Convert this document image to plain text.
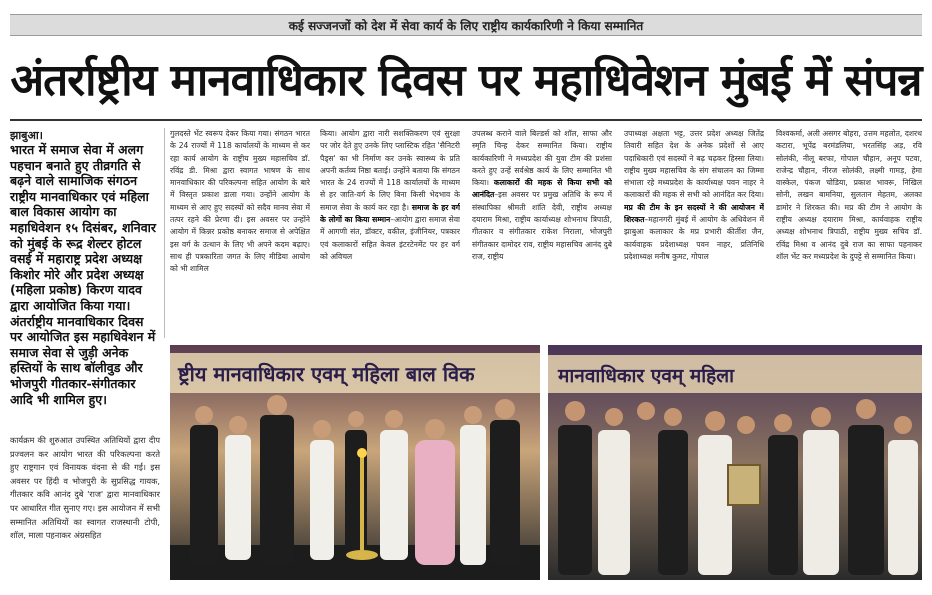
कई सज्जनजों को देश में सेवा कार्य के लिए राष्ट्रीय कार्यकारिणी ने किया सम्मानित
अंतर्राष्ट्रीय मानवाधिकार दिवस पर महाधिवेशन मुंबई में संपन्न
झाबुआ।
भारत में समाज सेवा में अलग पहचान बनाते हुए तीव्रगति से बढ़ने वाले सामाजिक संगठन राष्ट्रीय मानवाधिकार एवं महिला बाल विकास आयोग का महाधिवेशन १५ दिसंबर, शनिवार को मुंबई के रूद्र शेल्टर होटल वसई में महाराष्ट्र प्रदेश अध्यक्ष किशोर मोरे और प्रदेश अध्यक्ष (महिला प्रकोष्ठ) किरण यादव द्वारा आयोजित किया गया। अंतर्राष्ट्रीय मानवाधिकार दिवस पर आयोजित इस महाधिवेशन में समाज सेवा से जुड़ी अनेक हस्तियों के साथ बॉलीवुड और भोजपुरी गीतकार-संगीतकार आदि भी शामिल हुए।
गुलदस्ते भेंट स्वरूप देकर किया गया। संगठन भारत के 24 राज्यों में 118 कार्यालयों के माध्यम से कर रहा कार्य आयोग के राष्ट्रीय मुख्य महासचिव डॉ. रविंद्र डी. मिश्रा द्वारा स्वागत भाषण के साथ मानवाधिकार की परिकल्पना सहित आयोग के बारे में विस्तृत प्रकाश डाला गया। उन्होंने आयोग के माध्यम से आए हुए सदस्यों को सदैव मानव सेवा में तत्पर रहने की प्रेरणा दी। इस अवसर पर उन्होंने आयोग में किन्नर प्रकोष्ठ बनाकर समाज से अपेक्षित इस वर्ग के उत्थान के लिए भी अपने कदम बढ़ाए। साथ ही पत्रकारिता जगत के लिए मीडिया आयोग को भी शामिल
किया। आयोग द्वारा नारी सशक्तिकरण एवं सुरक्षा पर जोर देते हुए उनके लिए प्लास्टिक रहित 'सैनिटरी पैड्स' का भी निर्माण कर उनके स्वास्थ्य के प्रति अपनी कर्तव्य निष्ठा बताई। उन्होंने बताया कि संगठन भारत के 24 राज्यों में 118 कार्यालयों के माध्यम से हर जाति-वर्ग के लिए बिना किसी भेदभाव के समाज सेवा के कार्य कर रहा है। समाज के हर वर्ग के लोगों का किया सम्मान–आयोग द्वारा समाज सेवा में आगणी संत, डॉक्टर, वकील, इंजीनियर, पत्रकार एवं कलाकारों सहित केवल इंटरटेनमेंट पर हर वर्ग को अविचल
उपलब्ध कराने वाले बिल्डर्स को शॉल, साफा और स्मृति चिन्ह देकर सम्मानित किया। राष्ट्रीय कार्यकारिणी ने मध्यप्रदेश की युवा टीम की प्रशंसा करते हुए उन्हें सर्वश्रेष्ठ कार्य के लिए सम्मानित भी किया। कलाकारों की महक से किया सभी को आनंदित–इस अवसर पर प्रमुख अतिथि के रूप में संस्थापिका श्रीमती शांति देवी, राष्ट्रीय अध्यक्ष दयाराम मिश्रा, राष्ट्रीय कार्याध्यक्ष शोभनाथ त्रिपाठी, गीतकार व संगीतकार राकेश निराला, भोजपुरी संगीतकार दामोदर राव, राष्ट्रीय महासचिव आनंद दुबे राज, राष्ट्रीय
उपाध्यक्ष अक्षता भट्ट, उत्तर प्रदेश अध्यक्ष जितेंद्र तिवारी सहित देश के अनेक प्रदेशों से आए पदाधिकारी एवं सदस्यों ने बढ़ चढ़कर हिस्सा लिया। राष्ट्रीय मुख्य महासचिव के संग संचालन का जिम्मा संभाला रहे मध्यप्रदेश के कार्याध्यक्ष पवन नाहर ने कलाकारों की महक से सभी को आनंदित कर दिया। मप्र की टीम के इन सदस्यों ने की आयोजन में शिरकत–महानगरी मुंबई में आयोग के अधिवेशन में झाबुआ कलाकार के मप्र प्रभारी कीर्तीश जैन, कार्यवाहक प्रदेशाध्यक्ष पवन नाहर, प्रतिनिधि प्रदेशाध्यक्ष मनीष कुमट, गोपाल
विश्वकर्मा, अली असगर बोहरा, उत्तम महलोत, दशरथ कटारा, भूपेंद्र बरमंडलिया, भरतसिंह अड़, रवि सोलंकी, नीलू बरफा, गोपाल चौहान, अनूप पटवा, राजेन्द्र चौहान, नीरज सोलंकी, लक्ष्मी गामड़, हेमा वास्केल, पंकज चोडिया, प्रकाश भावरू, निखिल सोनी, लखन बामनिया, सुलतान मेहतम, अलका डामोर ने शिरकत की। मप्र की टीम ने आयोग के राष्ट्रीय अध्यक्ष दयाराम मिश्रा, कार्यवाहक राष्ट्रीय अध्यक्ष शोभनाथ त्रिपाठी, राष्ट्रीय मुख्य सचिव डॉ. रविंद्र मिश्रा व आनंद दुबे राज का साफा पहनाकर शॉल भेंट कर मध्यप्रदेश के दुपट्टे से सम्मानित किया।
कार्यक्रम की शुरुआत उपस्थित अतिथियों द्वारा दीप प्रज्वलन कर आयोग भारत की परिकल्पना करते हुए राष्ट्रगान एवं विनायक वंदना से की गई। इस अवसर पर हिंदी व भोजपुरी के सुप्रसिद्ध गायक, गीतकार कवि आनंद दुबे 'राज' द्वारा मानवाधिकार पर आधारित गीत सुनाए गए। इस आयोजन में सभी सम्मानित अतिथियों का स्वागत राजस्थानी टोपी, शॉल, माला पहनाकर अंग्रसहित
ष्ट्रीय मानवाधिकार एवम् महिला बाल विक	मानवाधिकार एवम् महिला
